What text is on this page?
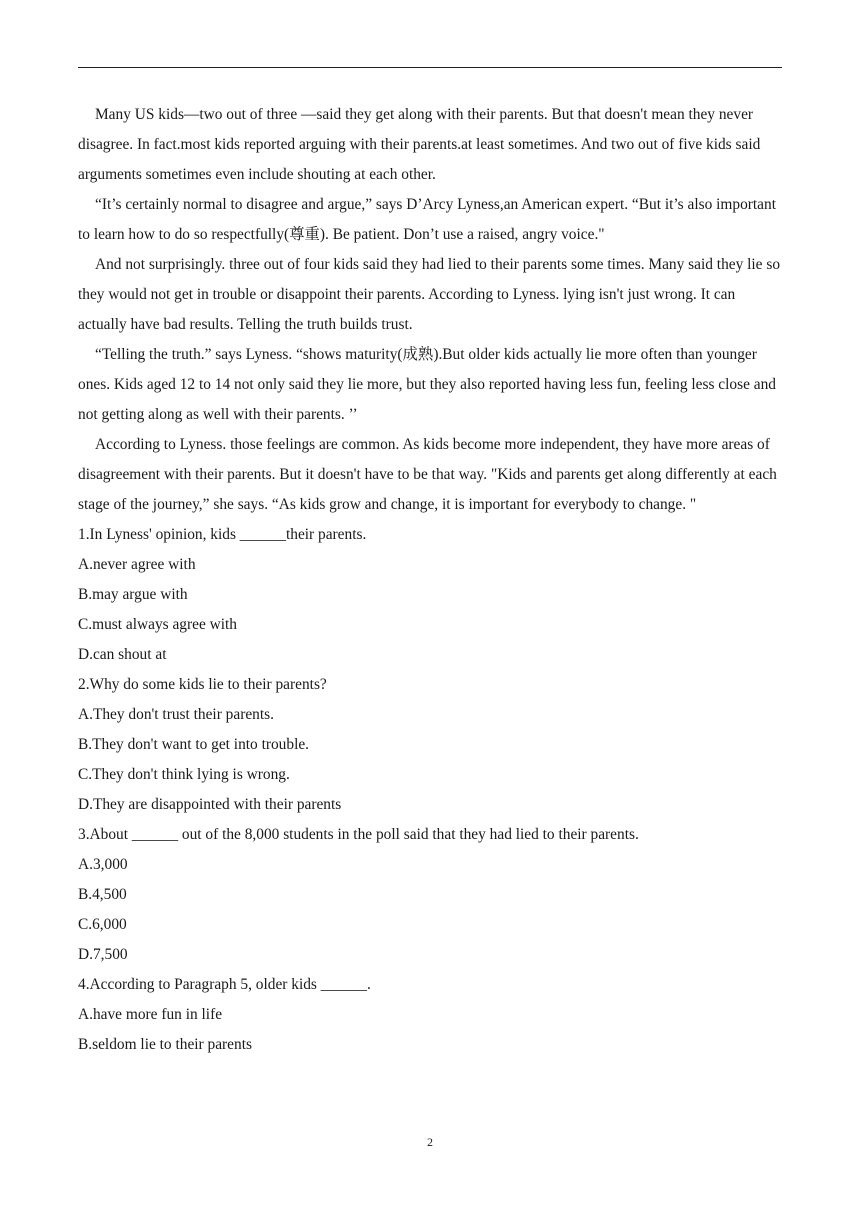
Many US kids—two out of three —said they get along with their parents. But that doesn't mean they never disagree. In fact.most kids reported arguing with their parents.at least sometimes. And two out of five kids said arguments sometimes even include shouting at each other.

“It’s certainly normal to disagree and argue,” says D’Arcy Lyness,an American expert. “But it’s also important to learn how to do so respectfully(尊重). Be patient. Don’t use a raised, angry voice."

And not surprisingly. three out of four kids said they had lied to their parents some times. Many said they lie so they would not get in trouble or disappoint their parents. According to Lyness. lying isn't just wrong. It can actually have bad results. Telling the truth builds trust.

“Telling the truth.” says Lyness. “shows maturity(成熟).But older kids actually lie more often than younger ones. Kids aged 12 to 14 not only said they lie more, but they also reported having less fun, feeling less close and not getting along as well with their parents. ’’

According to Lyness. those feelings are common. As kids become more independent, they have more areas of disagreement with their parents. But it doesn't have to be that way. "Kids and parents get along differently at each stage of the journey,” she says. “As kids grow and change, it is important for everybody to change. "

1.In Lyness' opinion, kids ______their parents.

A.never agree with

B.may argue with

C.must always agree with

D.can shout at

2.Why do some kids lie to their parents?

A.They don't trust their parents.

B.They don't want to get into trouble.

C.They don't think lying is wrong.

D.They are disappointed with their parents

3.About ______ out of the 8,000 students in the poll said that they had lied to their parents.

A.3,000

B.4,500

C.6,000

D.7,500

4.According to Paragraph 5, older kids ______.

A.have more fun in life

B.seldom lie to their parents

2
